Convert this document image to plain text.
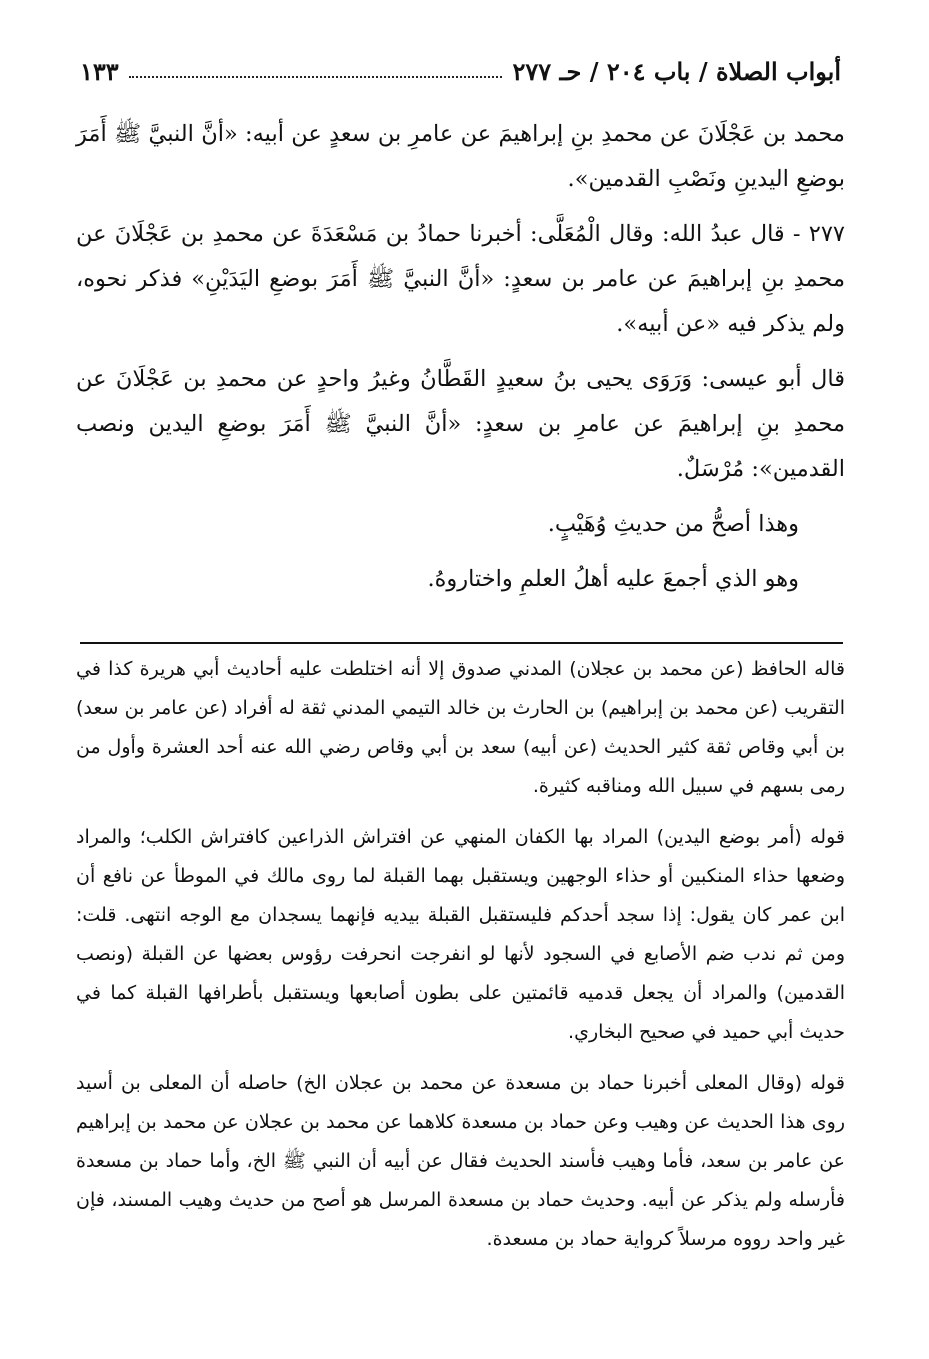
أبواب الصلاة / باب ٢٠٤ / حـ ٢٧٧
١٣٣

محمد بن عَجْلَانَ عن محمدِ بنِ إبراهيمَ عن عامرِ بن سعدٍ عن أبيه: «أنَّ النبيَّ ﷺ أَمَرَ بوضعِ اليدينِ ونَصْبِ القدمين».

٢٧٧ - قال عبدُ الله: وقال الْمُعَلَّى: أخبرنا حمادُ بن مَسْعَدَةَ عن محمدِ بن عَجْلَانَ عن محمدِ بنِ إبراهيمَ عن عامر بن سعدٍ: «أنَّ النبيَّ ﷺ أَمَرَ بوضعِ اليَدَيْنِ» فذكر نحوه، ولم يذكر فيه «عن أبيه».

قال أبو عيسى: وَرَوَى يحيى بنُ سعيدٍ القَطَّانُ وغيرُ واحدٍ عن محمدِ بن عَجْلَانَ عن محمدِ بنِ إبراهيمَ عن عامرِ بن سعدٍ: «أنَّ النبيَّ ﷺ أَمَرَ بوضعِ اليدين ونصب القدمين»: مُرْسَلٌ.

وهذا أصحُّ من حديثِ وُهَيْبٍ.

وهو الذي أجمعَ عليه أهلُ العلمِ واختاروهُ.

قاله الحافظ (عن محمد بن عجلان) المدني صدوق إلا أنه اختلطت عليه أحاديث أبي هريرة كذا في التقريب (عن محمد بن إبراهيم) بن الحارث بن خالد التيمي المدني ثقة له أفراد (عن عامر بن سعد) بن أبي وقاص ثقة كثير الحديث (عن أبيه) سعد بن أبي وقاص رضي الله عنه أحد العشرة وأول من رمى بسهم في سبيل الله ومناقبه كثيرة.

قوله (أمر بوضع اليدين) المراد بها الكفان المنهي عن افتراش الذراعين كافتراش الكلب؛ والمراد وضعها حذاء المنكبين أو حذاء الوجهين ويستقبل بهما القبلة لما روى مالك في الموطأ عن نافع أن ابن عمر كان يقول: إذا سجد أحدكم فليستقبل القبلة بيديه فإنهما يسجدان مع الوجه انتهى. قلت: ومن ثم ندب ضم الأصابع في السجود لأنها لو انفرجت انحرفت رؤوس بعضها عن القبلة (ونصب القدمين) والمراد أن يجعل قدميه قائمتين على بطون أصابعها ويستقبل بأطرافها القبلة كما في حديث أبي حميد في صحيح البخاري.

قوله (وقال المعلى أخبرنا حماد بن مسعدة عن محمد بن عجلان الخ) حاصله أن المعلى بن أسيد روى هذا الحديث عن وهيب وعن حماد بن مسعدة كلاهما عن محمد بن عجلان عن محمد بن إبراهيم عن عامر بن سعد، فأما وهيب فأسند الحديث فقال عن أبيه أن النبي ﷺ الخ، وأما حماد بن مسعدة فأرسله ولم يذكر عن أبيه. وحديث حماد بن مسعدة المرسل هو أصح من حديث وهيب المسند، فإن غير واحد رووه مرسلاً كرواية حماد بن مسعدة.
